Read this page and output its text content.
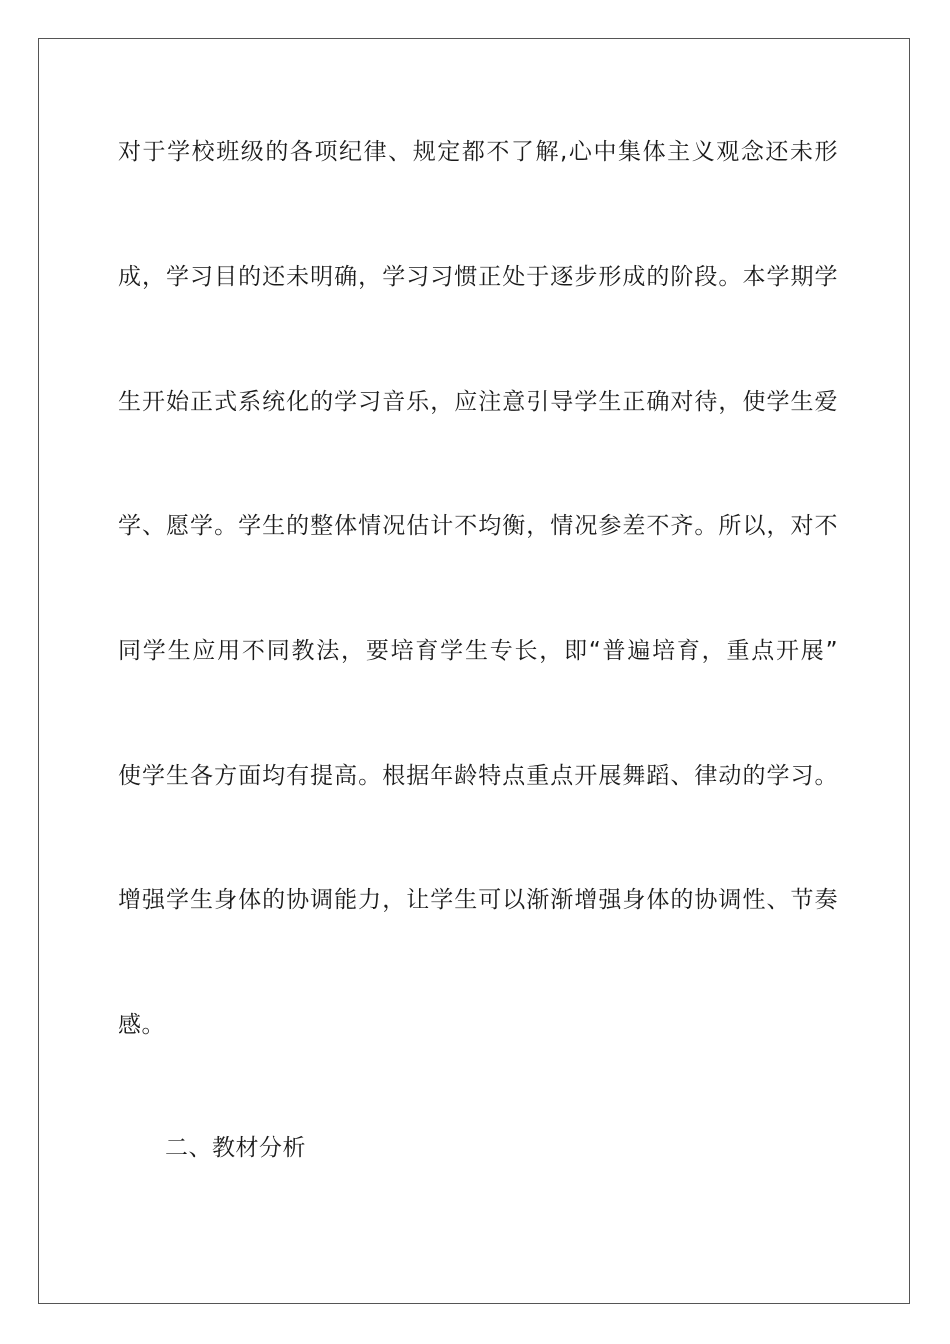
对于学校班级的各项纪律、规定都不了解,心中集体主义观念还未形
成，学习目的还未明确，学习习惯正处于逐步形成的阶段。本学期学
生开始正式系统化的学习音乐，应注意引导学生正确对待，使学生爱
学、愿学。学生的整体情况估计不均衡，情况参差不齐。所以，对不
同学生应用不同教法，要培育学生专长，即“普遍培育，重点开展”
使学生各方面均有提高。根据年龄特点重点开展舞蹈、律动的学习。
增强学生身体的协调能力，让学生可以渐渐增强身体的协调性、节奏
感。
二、教材分析
